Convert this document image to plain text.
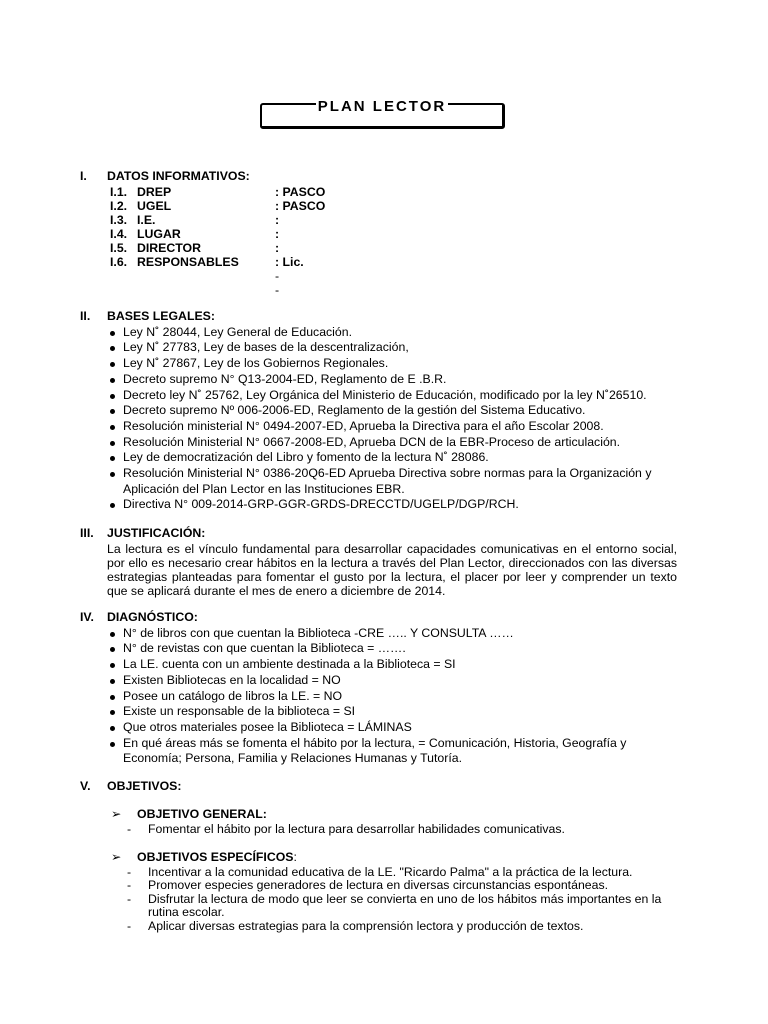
PLAN LECTOR
I.	DATOS INFORMATIVOS:
I.1. DREP	: PASCO
I.2. UGEL	: PASCO
I.3. I.E.	:
I.4. LUGAR	:
I.5. DIRECTOR	:
I.6. RESPONSABLES	: Lic.
-
-
II.	BASES LEGALES:
Ley N˚ 28044, Ley General de Educación.
Ley N˚ 27783, Ley de bases de la descentralización,
Ley N˚ 27867, Ley de los Gobiernos Regionales.
Decreto supremo N° Q13-2004-ED, Reglamento de E .B.R.
Decreto ley N˚ 25762, Ley Orgánica del Ministerio de Educación, modificado por la ley N˚26510.
Decreto supremo Nº 006-2006-ED, Reglamento de la gestión del Sistema Educativo.
Resolución ministerial N° 0494-2007-ED, Aprueba la Directiva para el año Escolar 2008.
Resolución Ministerial N° 0667-2008-ED, Aprueba DCN de la EBR-Proceso de articulación.
Ley de democratización del Libro y fomento de la lectura N˚ 28086.
Resolución Ministerial N° 0386-20Q6-ED Aprueba Directiva sobre normas para la Organización y Aplicación del Plan Lector en las Instituciones EBR.
Directiva N° 009-2014-GRP-GGR-GRDS-DRECCTD/UGELP/DGP/RCH.
III.	JUSTIFICACIÓN:
La lectura es el vínculo fundamental para desarrollar capacidades comunicativas en el entorno social, por ello es necesario crear hábitos en la lectura a través del Plan Lector, direccionados con las diversas estrategias planteadas para fomentar el gusto por la lectura, el placer por leer y comprender un texto que se aplicará durante el mes de enero a diciembre de 2014.
IV.	DIAGNÓSTICO:
N° de libros con que cuentan la Biblioteca -CRE ….. Y CONSULTA ……
N° de revistas con que cuentan la Biblioteca = …….
La LE. cuenta con un ambiente destinada a la Biblioteca = SI
Existen Bibliotecas en la localidad = NO
Posee un catálogo de libros la LE. = NO
Existe un responsable de la biblioteca = SI
Que otros materiales posee la Biblioteca = LÁMINAS
En qué áreas más se fomenta el hábito por la lectura, = Comunicación, Historia, Geografía y Economía; Persona, Familia y Relaciones Humanas y Tutoría.
V.	OBJETIVOS:
➢	OBJETIVO GENERAL:
- Fomentar el hábito por la lectura para desarrollar habilidades comunicativas.
➢	OBJETIVOS ESPECÍFICOS :
- Incentivar a la comunidad educativa de la LE. "Ricardo Palma" a la práctica de la lectura.
- Promover especies generadores de lectura en diversas circunstancias espontáneas.
- Disfrutar la lectura de modo que leer se convierta en uno de los hábitos más importantes en la rutina escolar.
- Aplicar diversas estrategias para la comprensión lectora y producción de textos.
